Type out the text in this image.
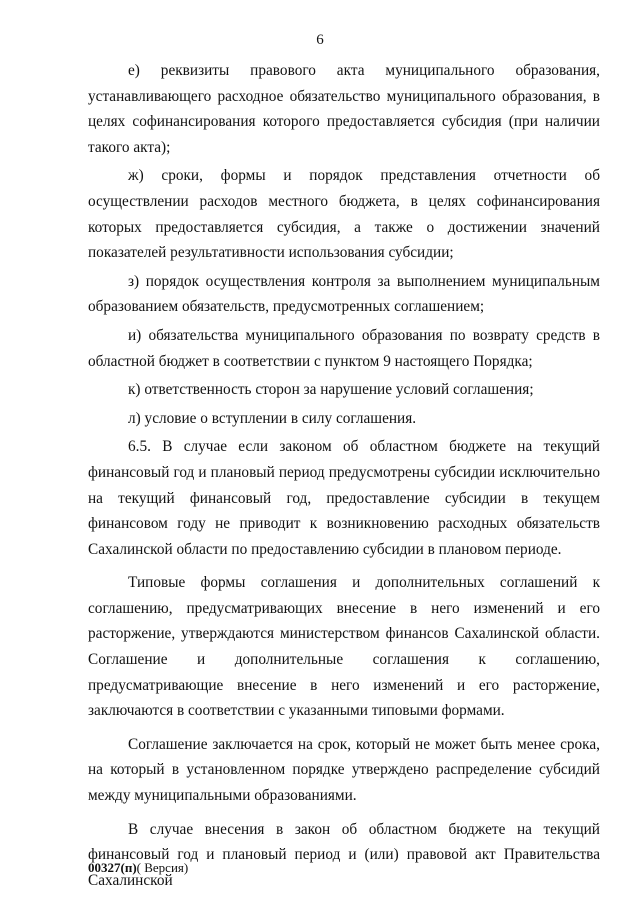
6

е) реквизиты правового акта муниципального образования, устанавливающего расходное обязательство муниципального образования, в целях софинансирования которого предоставляется субсидия (при наличии такого акта);

ж) сроки, формы и порядок представления отчетности об осуществлении расходов местного бюджета, в целях софинансирования которых предоставляется субсидия, а также о достижении значений показателей результативности использования субсидии;

з) порядок осуществления контроля за выполнением муниципальным образованием обязательств, предусмотренных соглашением;

и) обязательства муниципального образования по возврату средств в областной бюджет в соответствии с пунктом 9 настоящего Порядка;

к) ответственность сторон за нарушение условий соглашения;

л) условие о вступлении в силу соглашения.

6.5. В случае если законом об областном бюджете на текущий финансовый год и плановый период предусмотрены субсидии исключительно на текущий финансовый год, предоставление субсидии в текущем финансовом году не приводит к возникновению расходных обязательств Сахалинской области по предоставлению субсидии в плановом периоде.

Типовые формы соглашения и дополнительных соглашений к соглашению, предусматривающих внесение в него изменений и его расторжение, утверждаются министерством финансов Сахалинской области. Соглашение и дополнительные соглашения к соглашению, предусматривающие внесение в него изменений и его расторжение, заключаются в соответствии с указанными типовыми формами.

Соглашение заключается на срок, который не может быть менее срока, на который в установленном порядке утверждено распределение субсидий между муниципальными образованиями.

В случае внесения в закон об областном бюджете на текущий финансовый год и плановый период и (или) правовой акт Правительства Сахалинской

00327(п)( Версия)
